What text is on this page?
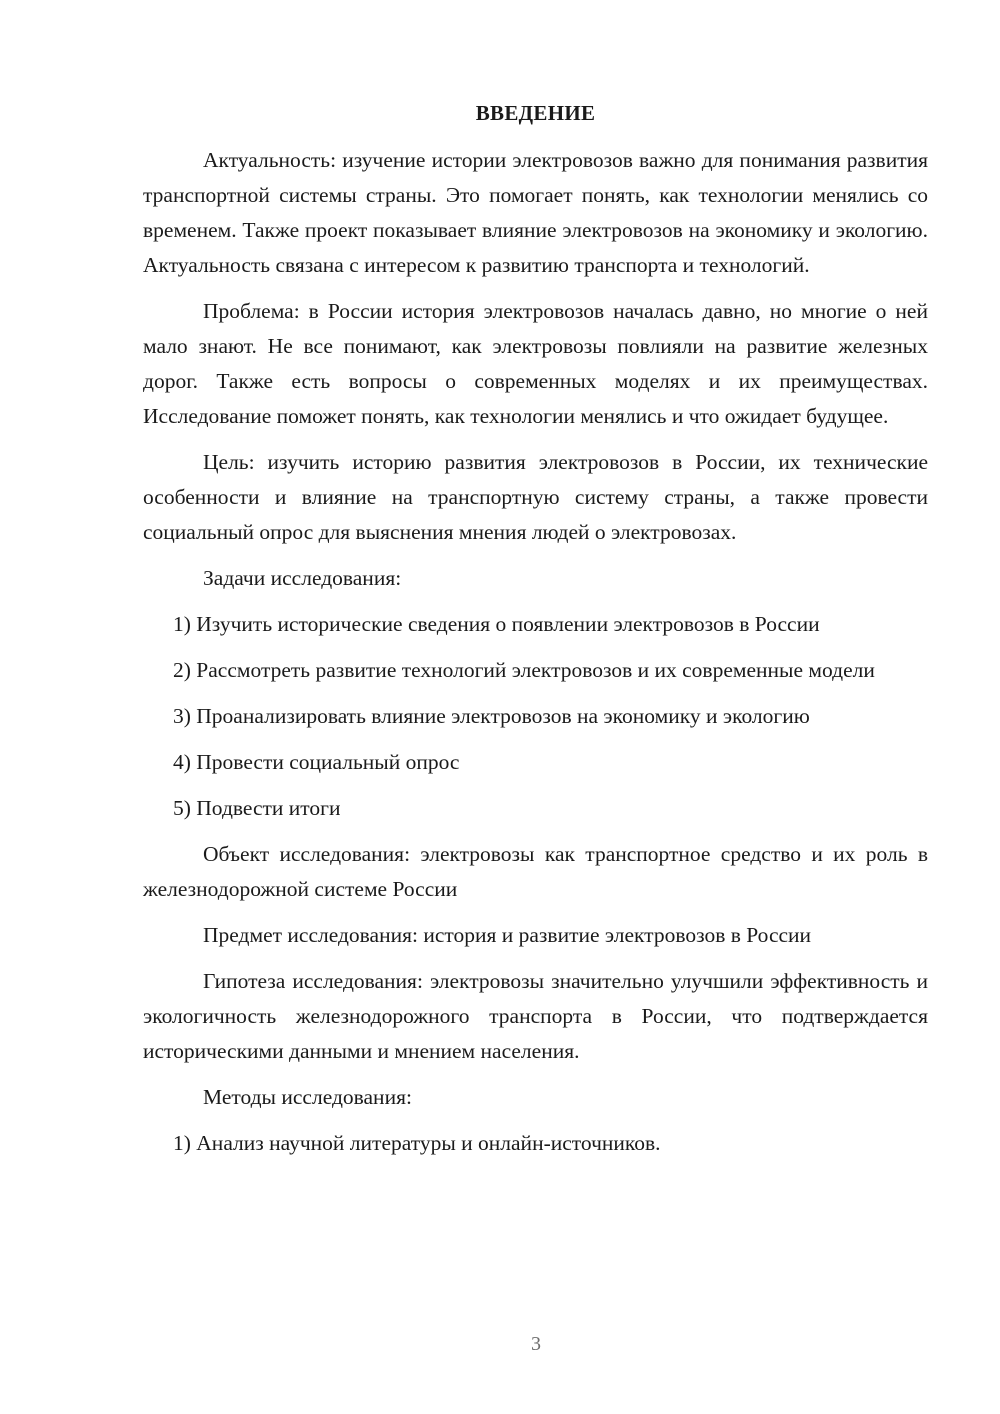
ВВЕДЕНИЕ

Актуальность: изучение истории электровозов важно для понимания развития транспортной системы страны. Это помогает понять, как технологии менялись со временем. Также проект показывает влияние электровозов на экономику и экологию. Актуальность связана с интересом к развитию транспорта и технологий.

Проблема: в России история электровозов началась давно, но многие о ней мало знают. Не все понимают, как электровозы повлияли на развитие железных дорог. Также есть вопросы о современных моделях и их преимуществах. Исследование поможет понять, как технологии менялись и что ожидает будущее.

Цель: изучить историю развития электровозов в России, их технические особенности и влияние на транспортную систему страны, а также провести социальный опрос для выяснения мнения людей о электровозах.

Задачи исследования:

1) Изучить исторические сведения о появлении электровозов в России

2) Рассмотреть развитие технологий электровозов и их современные модели

3) Проанализировать влияние электровозов на экономику и экологию

4) Провести социальный опрос

5) Подвести итоги

Объект исследования: электровозы как транспортное средство и их роль в железнодорожной системе России

Предмет исследования: история и развитие электровозов в России

Гипотеза исследования: электровозы значительно улучшили эффективность и экологичность железнодорожного транспорта в России, что подтверждается историческими данными и мнением населения.

Методы исследования:

1) Анализ научной литературы и онлайн-источников.

3
